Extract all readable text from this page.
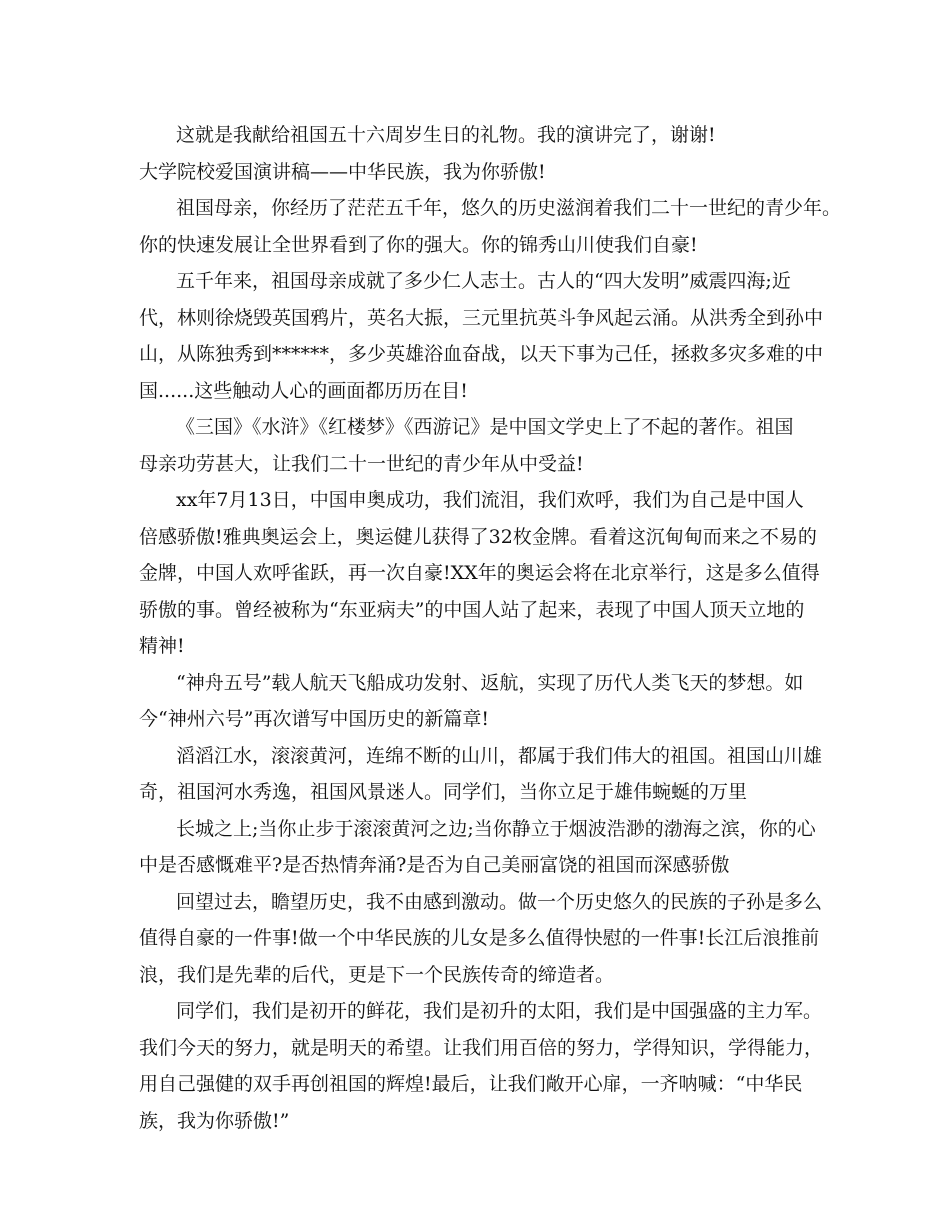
这就是我献给祖国五十六周岁生日的礼物。我的演讲完了，谢谢!
大学院校爱国演讲稿——中华民族，我为你骄傲!
祖国母亲，你经历了茫茫五千年，悠久的历史滋润着我们二十一世纪的青少年。
你的快速发展让全世界看到了你的强大。你的锦秀山川使我们自豪!
五千年来，祖国母亲成就了多少仁人志士。古人的“四大发明”威震四海;近
代，林则徐烧毁英国鸦片，英名大振，三元里抗英斗争风起云涌。从洪秀全到孙中
山，从陈独秀到******，多少英雄浴血奋战，以天下事为己任，拯救多灾多难的中
国......这些触动人心的画面都历历在目!
《三国》《水浒》《红楼梦》《西游记》是中国文学史上了不起的著作。祖国
母亲功劳甚大，让我们二十一世纪的青少年从中受益!
xx年7月13日，中国申奥成功，我们流泪，我们欢呼，我们为自己是中国人
倍感骄傲!雅典奥运会上，奥运健儿获得了32枚金牌。看着这沉甸甸而来之不易的
金牌，中国人欢呼雀跃，再一次自豪!XX年的奥运会将在北京举行，这是多么值得
骄傲的事。曾经被称为“东亚病夫”的中国人站了起来，表现了中国人顶天立地的
精神!
“神舟五号”载人航天飞船成功发射、返航，实现了历代人类飞天的梦想。如
今“神州六号”再次谱写中国历史的新篇章!
滔滔江水，滚滚黄河，连绵不断的山川，都属于我们伟大的祖国。祖国山川雄
奇，祖国河水秀逸，祖国风景迷人。同学们，当你立足于雄伟蜿蜒的万里
长城之上;当你止步于滚滚黄河之边;当你静立于烟波浩渺的渤海之滨，你的心
中是否感慨难平?是否热情奔涌?是否为自己美丽富饶的祖国而深感骄傲
回望过去，瞻望历史，我不由感到激动。做一个历史悠久的民族的子孙是多么
值得自豪的一件事!做一个中华民族的儿女是多么值得快慰的一件事!长江后浪推前
浪，我们是先辈的后代，更是下一个民族传奇的缔造者。
同学们，我们是初开的鲜花，我们是初升的太阳，我们是中国强盛的主力军。
我们今天的努力，就是明天的希望。让我们用百倍的努力，学得知识，学得能力，
用自己强健的双手再创祖国的辉煌!最后，让我们敞开心扉，一齐呐喊：“中华民
族，我为你骄傲!”
